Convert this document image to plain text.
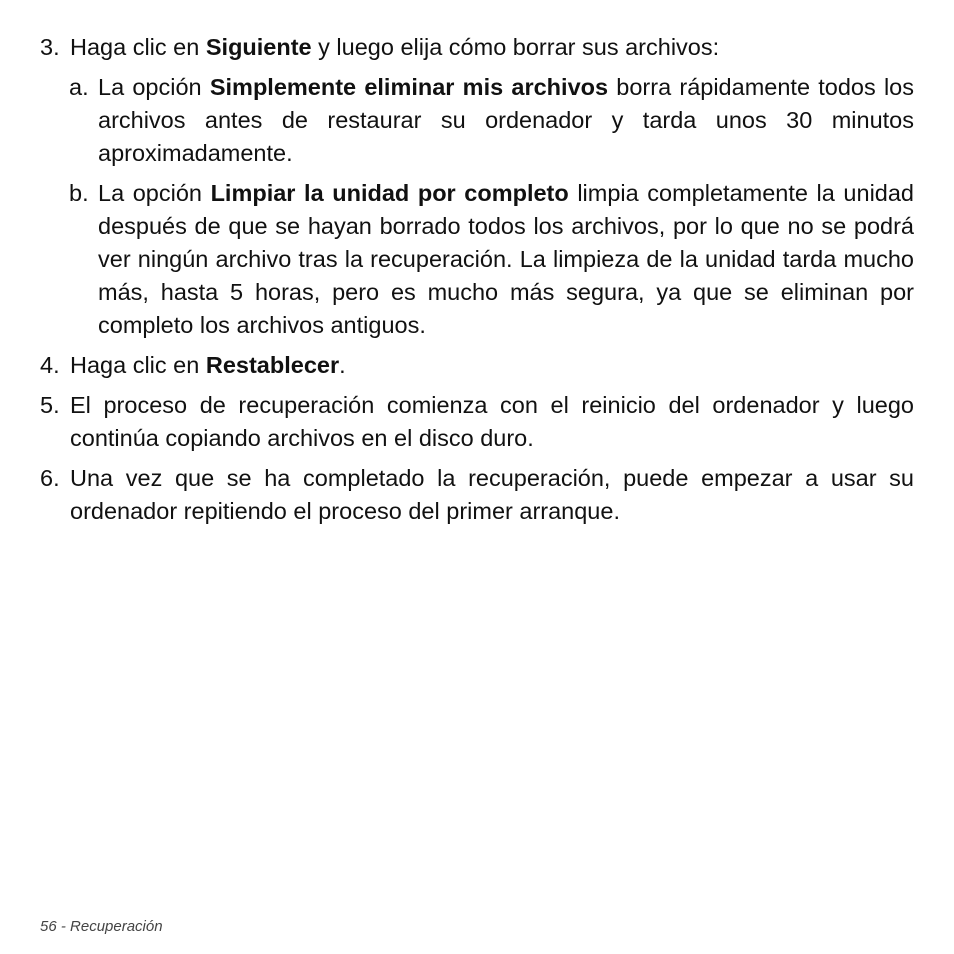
3. Haga clic en Siguiente y luego elija cómo borrar sus archivos:
a. La opción Simplemente eliminar mis archivos borra rápidamente todos los archivos antes de restaurar su ordenador y tarda unos 30 minutos aproximadamente.
b. La opción Limpiar la unidad por completo limpia completamente la unidad después de que se hayan borrado todos los archivos, por lo que no se podrá ver ningún archivo tras la recuperación. La limpieza de la unidad tarda mucho más, hasta 5 horas, pero es mucho más segura, ya que se eliminan por completo los archivos antiguos.
4. Haga clic en Restablecer.
5. El proceso de recuperación comienza con el reinicio del ordenador y luego continúa copiando archivos en el disco duro.
6. Una vez que se ha completado la recuperación, puede empezar a usar su ordenador repitiendo el proceso del primer arranque.
56 - Recuperación
